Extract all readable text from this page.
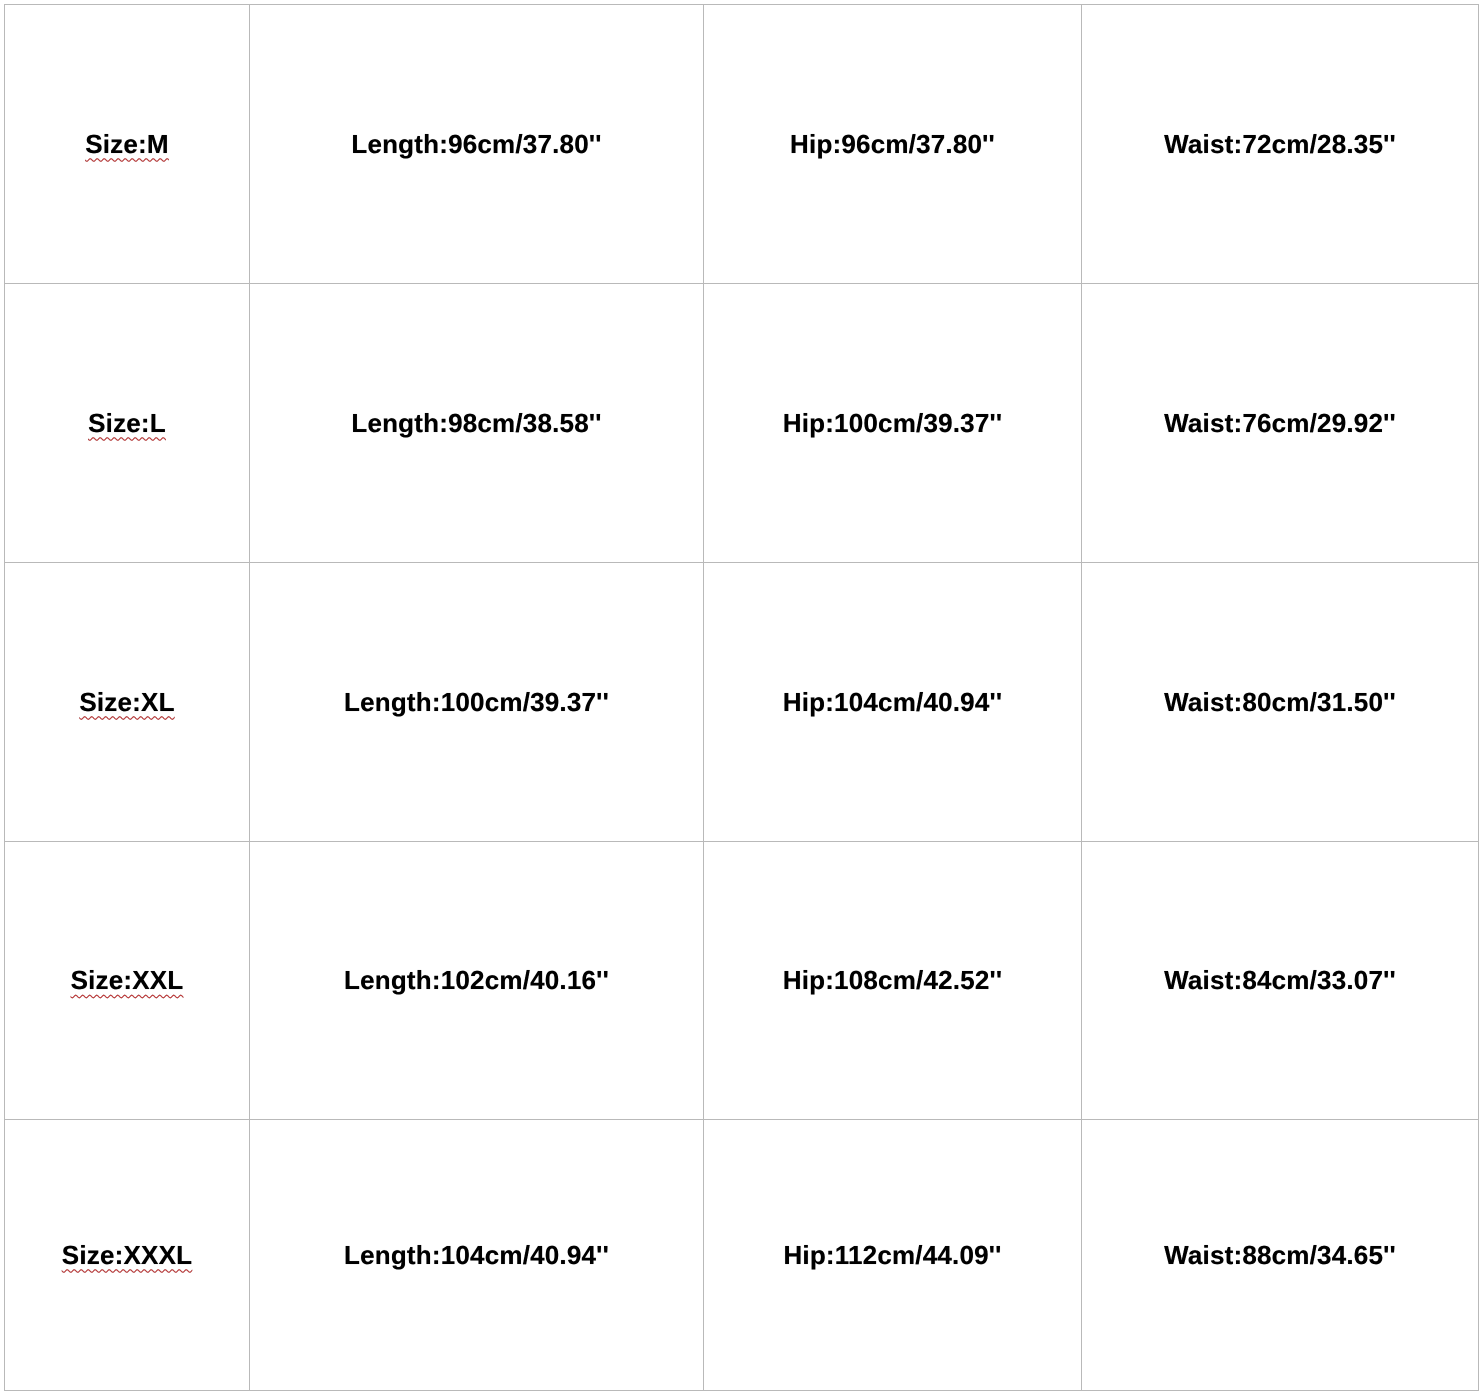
Size:M	Length:96cm/37.80''	Hip:96cm/37.80''	Waist:72cm/28.35''
Size:L	Length:98cm/38.58''	Hip:100cm/39.37''	Waist:76cm/29.92''
Size:XL	Length:100cm/39.37''	Hip:104cm/40.94''	Waist:80cm/31.50''
Size:XXL	Length:102cm/40.16''	Hip:108cm/42.52''	Waist:84cm/33.07''
Size:XXXL	Length:104cm/40.94''	Hip:112cm/44.09''	Waist:88cm/34.65''
